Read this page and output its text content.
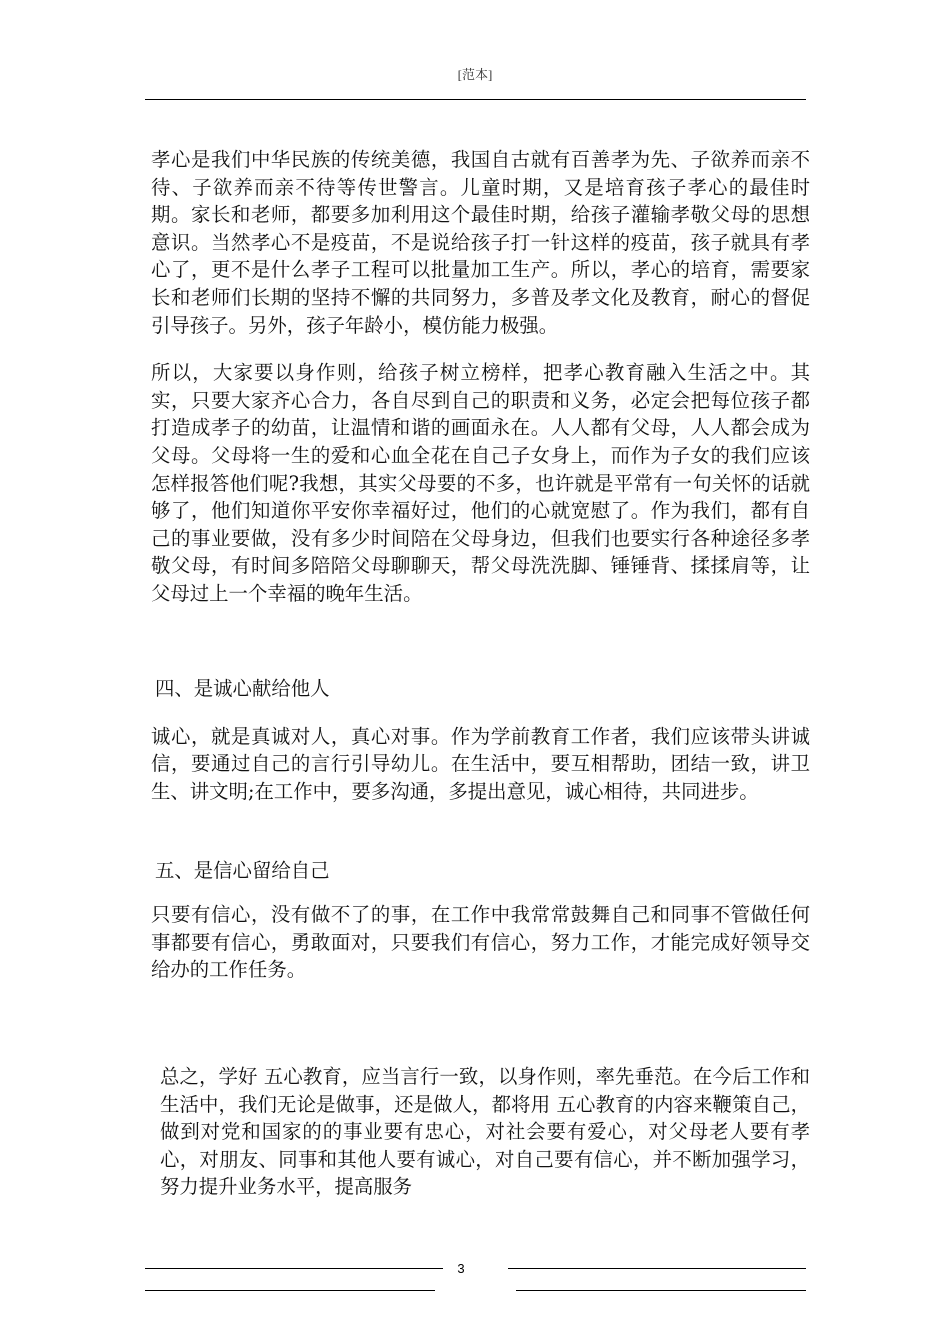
[范本]

孝心是我们中华民族的传统美德，我国自古就有百善孝为先、子欲养而亲不待、子欲养而亲不待等传世警言。儿童时期，又是培育孩子孝心的最佳时期。家长和老师，都要多加利用这个最佳时期，给孩子灌输孝敬父母的思想意识。当然孝心不是疫苗，不是说给孩子打一针这样的疫苗，孩子就具有孝心了，更不是什么孝子工程可以批量加工生产。所以，孝心的培育，需要家长和老师们长期的坚持不懈的共同努力，多普及孝文化及教育，耐心的督促引导孩子。另外，孩子年龄小，模仿能力极强。

所以，大家要以身作则，给孩子树立榜样，把孝心教育融入生活之中。其实，只要大家齐心合力，各自尽到自己的职责和义务，必定会把每位孩子都打造成孝子的幼苗，让温情和谐的画面永在。人人都有父母，人人都会成为父母。父母将一生的爱和心血全花在自己子女身上，而作为子女的我们应该怎样报答他们呢?我想，其实父母要的不多，也许就是平常有一句关怀的话就够了，他们知道你平安你幸福好过，他们的心就宽慰了。作为我们，都有自己的事业要做，没有多少时间陪在父母身边，但我们也要实行各种途径多孝敬父母，有时间多陪陪父母聊聊天，帮父母洗洗脚、锤锤背、揉揉肩等，让父母过上一个幸福的晚年生活。

四、是诚心献给他人

诚心，就是真诚对人，真心对事。作为学前教育工作者，我们应该带头讲诚信，要通过自己的言行引导幼儿。在生活中，要互相帮助，团结一致，讲卫生、讲文明;在工作中，要多沟通，多提出意见，诚心相待，共同进步。

五、是信心留给自己

只要有信心，没有做不了的事，在工作中我常常鼓舞自己和同事不管做任何事都要有信心，勇敢面对，只要我们有信心，努力工作，才能完成好领导交给办的工作任务。

总之，学好 五心教育，应当言行一致，以身作则，率先垂范。在今后工作和生活中，我们无论是做事，还是做人，都将用 五心教育的内容来鞭策自己，做到对党和国家的的事业要有忠心，对社会要有爱心，对父母老人要有孝心，对朋友、同事和其他人要有诚心，对自己要有信心，并不断加强学习，努力提升业务水平，提高服务

3
